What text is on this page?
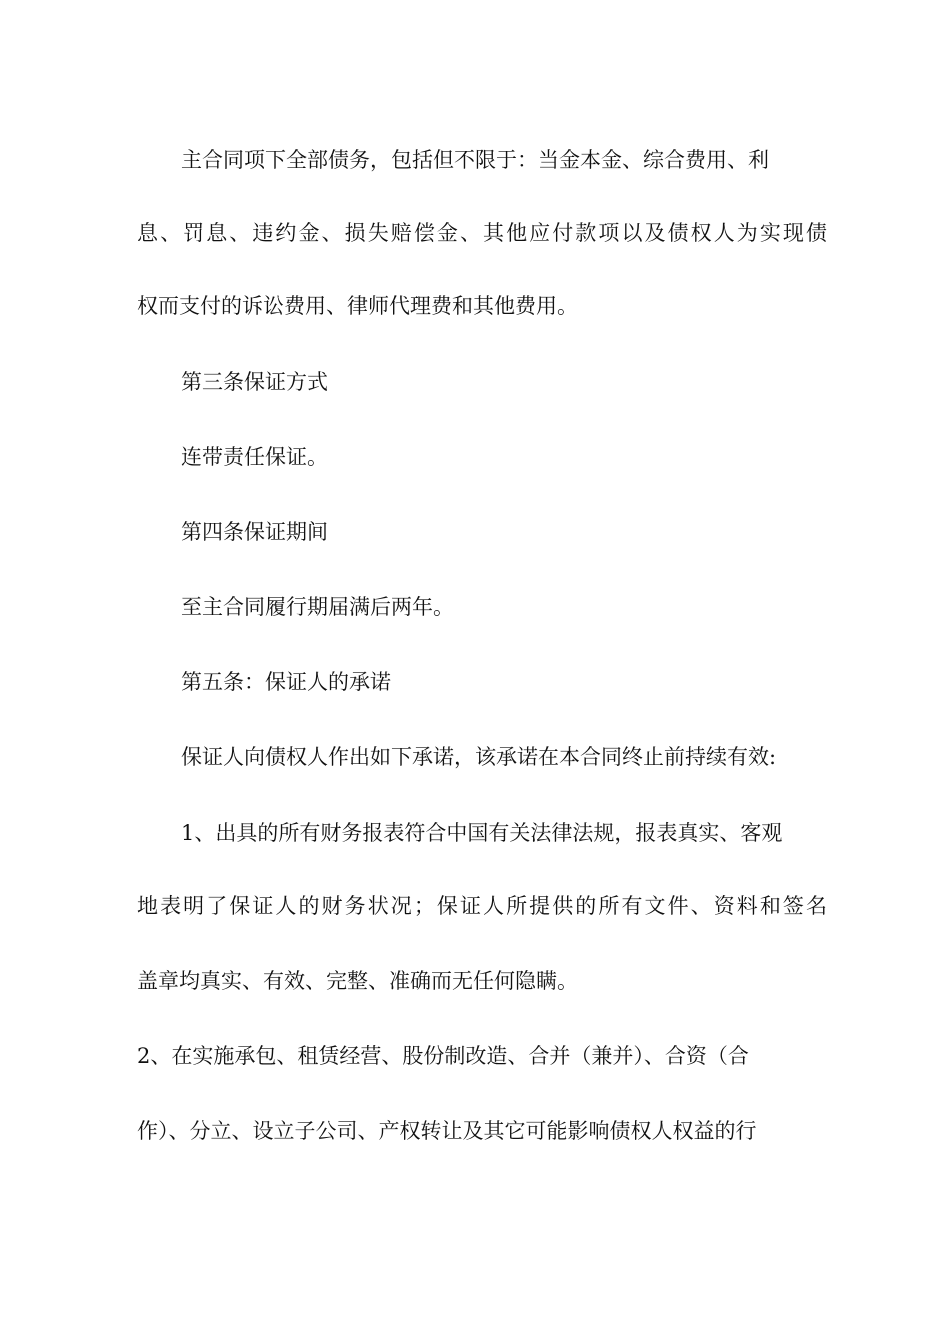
主合同项下全部债务，包括但不限于：当金本金、综合费用、利
息、罚息、违约金、损失赔偿金、其他应付款项以及债权人为实现债
权而支付的诉讼费用、律师代理费和其他费用。
第三条保证方式
连带责任保证。
第四条保证期间
至主合同履行期届满后两年。
第五条：保证人的承诺
保证人向债权人作出如下承诺，该承诺在本合同终止前持续有效:
1、出具的所有财务报表符合中国有关法律法规，报表真实、客观
地表明了保证人的财务状况；保证人所提供的所有文件、资料和签名
盖章均真实、有效、完整、准确而无任何隐瞒。
2、在实施承包、租赁经营、股份制改造、合并（兼并）、合资（合
作）、分立、设立子公司、产权转让及其它可能影响债权人权益的行
